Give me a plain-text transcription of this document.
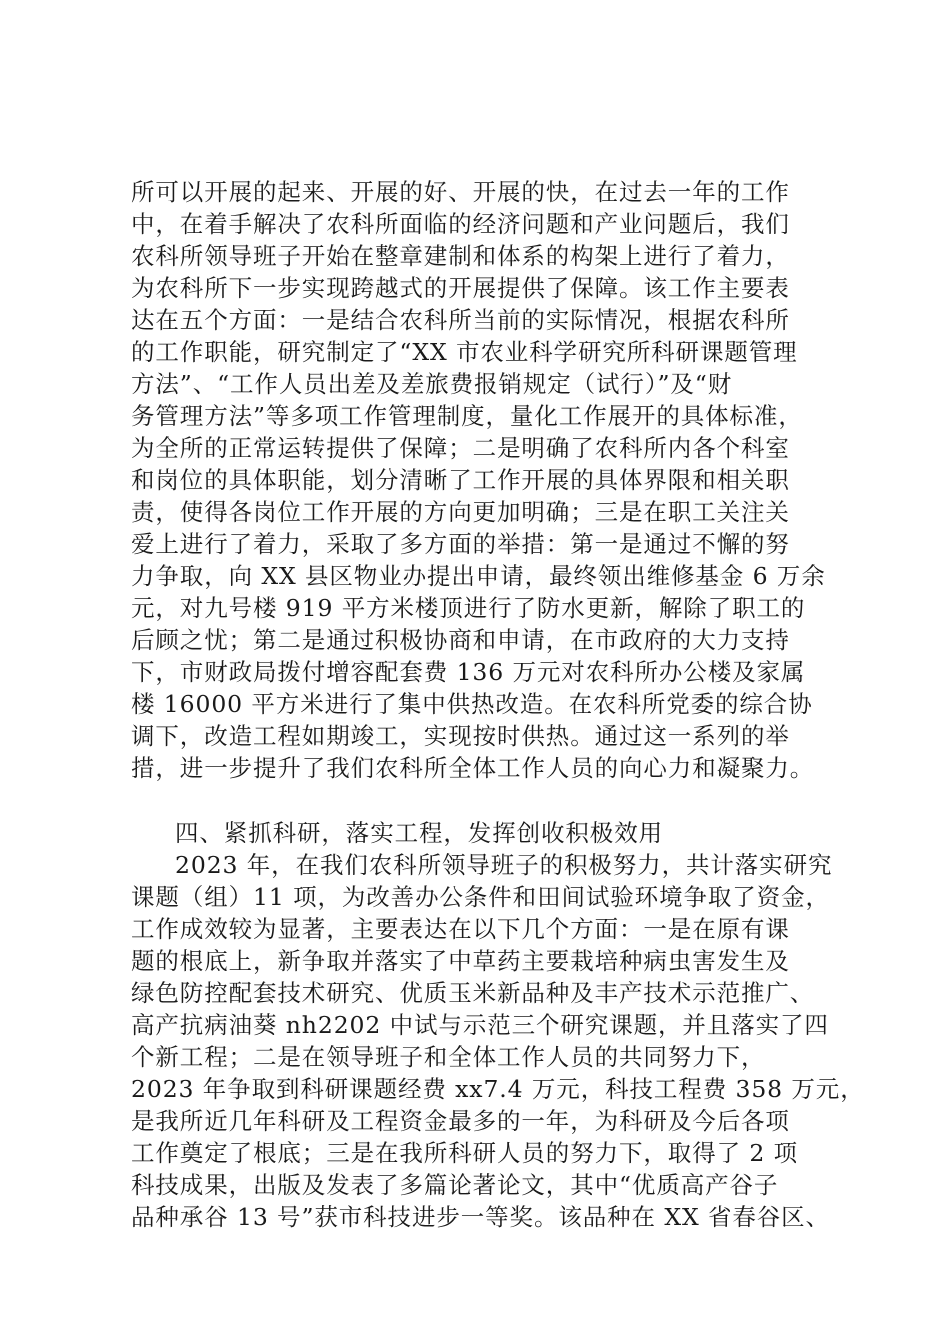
所可以开展的起来、开展的好、开展的快，在过去一年的工作
中，在着手解决了农科所面临的经济问题和产业问题后，我们
农科所领导班子开始在整章建制和体系的构架上进行了着力，
为农科所下一步实现跨越式的开展提供了保障。该工作主要表
达在五个方面：一是结合农科所当前的实际情况，根据农科所
的工作职能，研究制定了“XX 市农业科学研究所科研课题管理
方法”、“工作人员出差及差旅费报销规定（试行）”及“财
务管理方法”等多项工作管理制度，量化工作展开的具体标准，
为全所的正常运转提供了保障；二是明确了农科所内各个科室
和岗位的具体职能，划分清晰了工作开展的具体界限和相关职
责，使得各岗位工作开展的方向更加明确；三是在职工关注关
爱上进行了着力，采取了多方面的举措：第一是通过不懈的努
力争取，向 XX 县区物业办提出申请，最终领出维修基金 6 万余
元，对九号楼 919 平方米楼顶进行了防水更新，解除了职工的
后顾之忧；第二是通过积极协商和申请，在市政府的大力支持
下，市财政局拨付增容配套费 136 万元对农科所办公楼及家属
楼 16000 平方米进行了集中供热改造。在农科所党委的综合协
调下，改造工程如期竣工，实现按时供热。通过这一系列的举
措，进一步提升了我们农科所全体工作人员的向心力和凝聚力。
四、紧抓科研，落实工程，发挥创收积极效用
2023 年，在我们农科所领导班子的积极努力，共计落实研究
课题（组）11 项，为改善办公条件和田间试验环境争取了资金，
工作成效较为显著，主要表达在以下几个方面：一是在原有课
题的根底上，新争取并落实了中草药主要栽培种病虫害发生及
绿色防控配套技术研究、优质玉米新品种及丰产技术示范推广、
高产抗病油葵 nh2202 中试与示范三个研究课题，并且落实了四
个新工程；二是在领导班子和全体工作人员的共同努力下，
2023 年争取到科研课题经费 xx7.4 万元，科技工程费 358 万元，
是我所近几年科研及工程资金最多的一年，为科研及今后各项
工作奠定了根底；三是在我所科研人员的努力下，取得了 2 项
科技成果，出版及发表了多篇论著论文，其中“优质高产谷子
品种承谷 13 号”获市科技进步一等奖。该品种在 XX 省春谷区、
